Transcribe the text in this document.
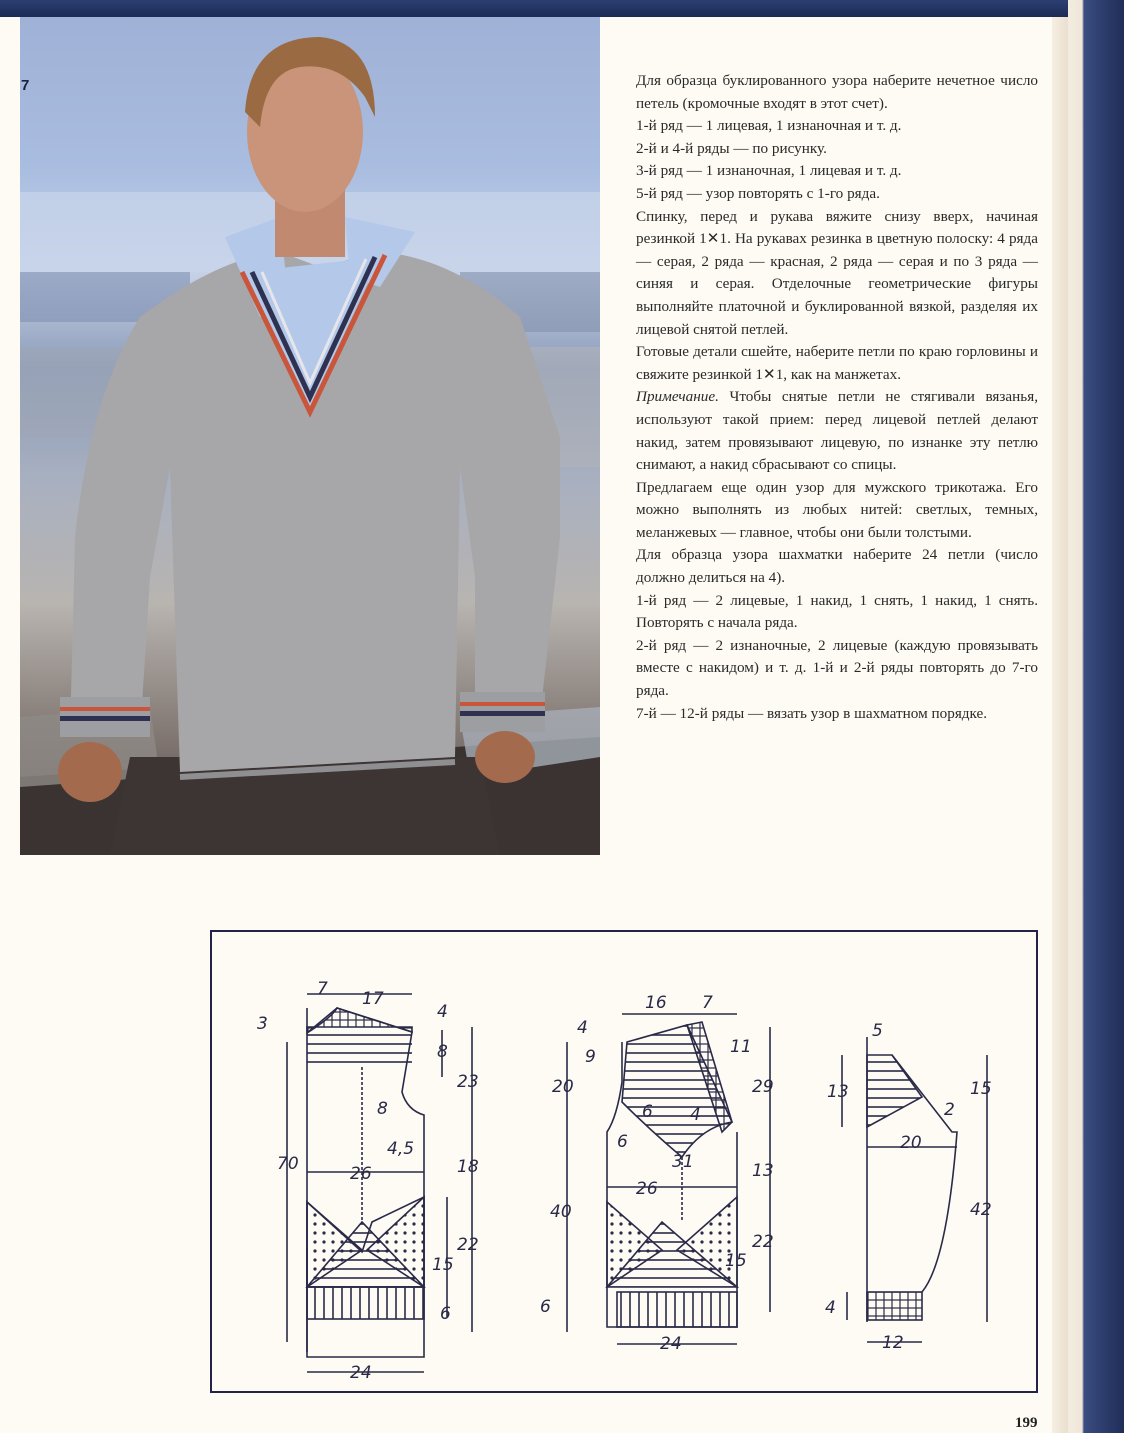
7	Для образца буклированного узора наберите нечетное число петель (кромочные входят в этот счет).

1-й ряд — 1 лицевая, 1 изнаночная и т. д.

2-й и 4-й ряды — по рисунку.

3-й ряд — 1 изнаночная, 1 лицевая и т. д.

5-й ряд — узор повторять с 1-го ряда.

Спинку, перед и рукава вяжите снизу вверх, начиная резинкой 1✕1. На рукавах резинка в цветную полоску: 4 ряда — серая, 2 ряда — красная, 2 ряда — серая и по 3 ряда — синяя и серая. Отделочные геометрические фигуры выполняйте платочной и буклированной вязкой, разделяя их лицевой снятой петлей.

Готовые детали сшейте, наберите петли по краю горловины и свяжите резинкой 1✕1, как на манжетах.

Примечание. Чтобы снятые петли не стягивали вязанья, используют такой прием: перед лицевой петлей делают накид, затем провязывают лицевую, по изнанке эту петлю снимают, а накид сбрасывают со спицы.

Предлагаем еще один узор для мужского трикотажа. Его можно выполнять из любых нитей: светлых, темных, меланжевых — главное, чтобы они были толстыми.

Для образца узора шахматки наберите 24 петли (число должно делиться на 4).

1-й ряд — 2 лицевые, 1 накид, 1 снять, 1 накид, 1 снять. Повторять с начала ряда.

2-й ряд — 2 изнаночные, 2 лицевые (каждую провязывать вместе с накидом) и т. д. 1-й и 2-й ряды повторять до 7-го ряда.

7-й — 12-й ряды — вязать узор в шахматном порядке.

7 17
3
4
8
23
8
4,5
70	26	18
22
15
6
24
16 7
4
9
20
11
29
6
6
4
31	13
40
26
22
15
6
24
5
13	15
2
20
42
4
12
199
